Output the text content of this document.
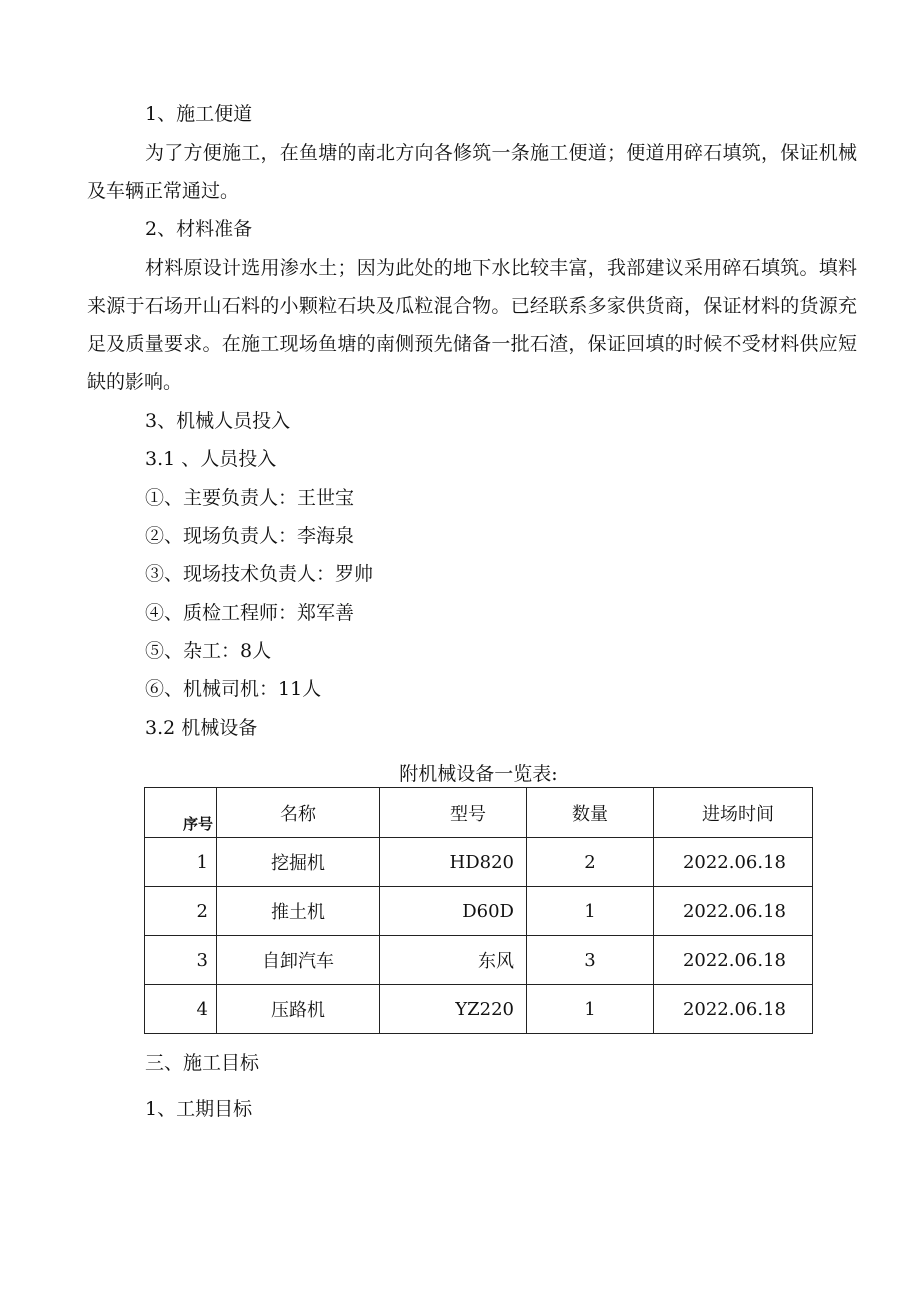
1、施工便道

为了方便施工，在鱼塘的南北方向各修筑一条施工便道；便道用碎石填筑，保证机械及车辆正常通过。

2、材料准备

材料原设计选用渗水土；因为此处的地下水比较丰富，我部建议采用碎石填筑。填料来源于石场开山石料的小颗粒石块及瓜粒混合物。已经联系多家供货商，保证材料的货源充足及质量要求。在施工现场鱼塘的南侧预先储备一批石渣，保证回填的时候不受材料供应短缺的影响。

3、机械人员投入
3.1 、人员投入
①、主要负责人：王世宝
②、现场负责人：李海泉
③、现场技术负责人：罗帅
④、质检工程师：郑军善
⑤、杂工：8人
⑥、机械司机：11人
3.2 机械设备
附机械设备一览表:
序号	名称	型号	数量	进场时间

1	挖掘机	HD820	2	2022.06.18
2	推土机	D60D	1	2022.06.18
3	自卸汽车	东风	3	2022.06.18
4	压路机	YZ220	1	2022.06.18
三、施工目标
1、工期目标
